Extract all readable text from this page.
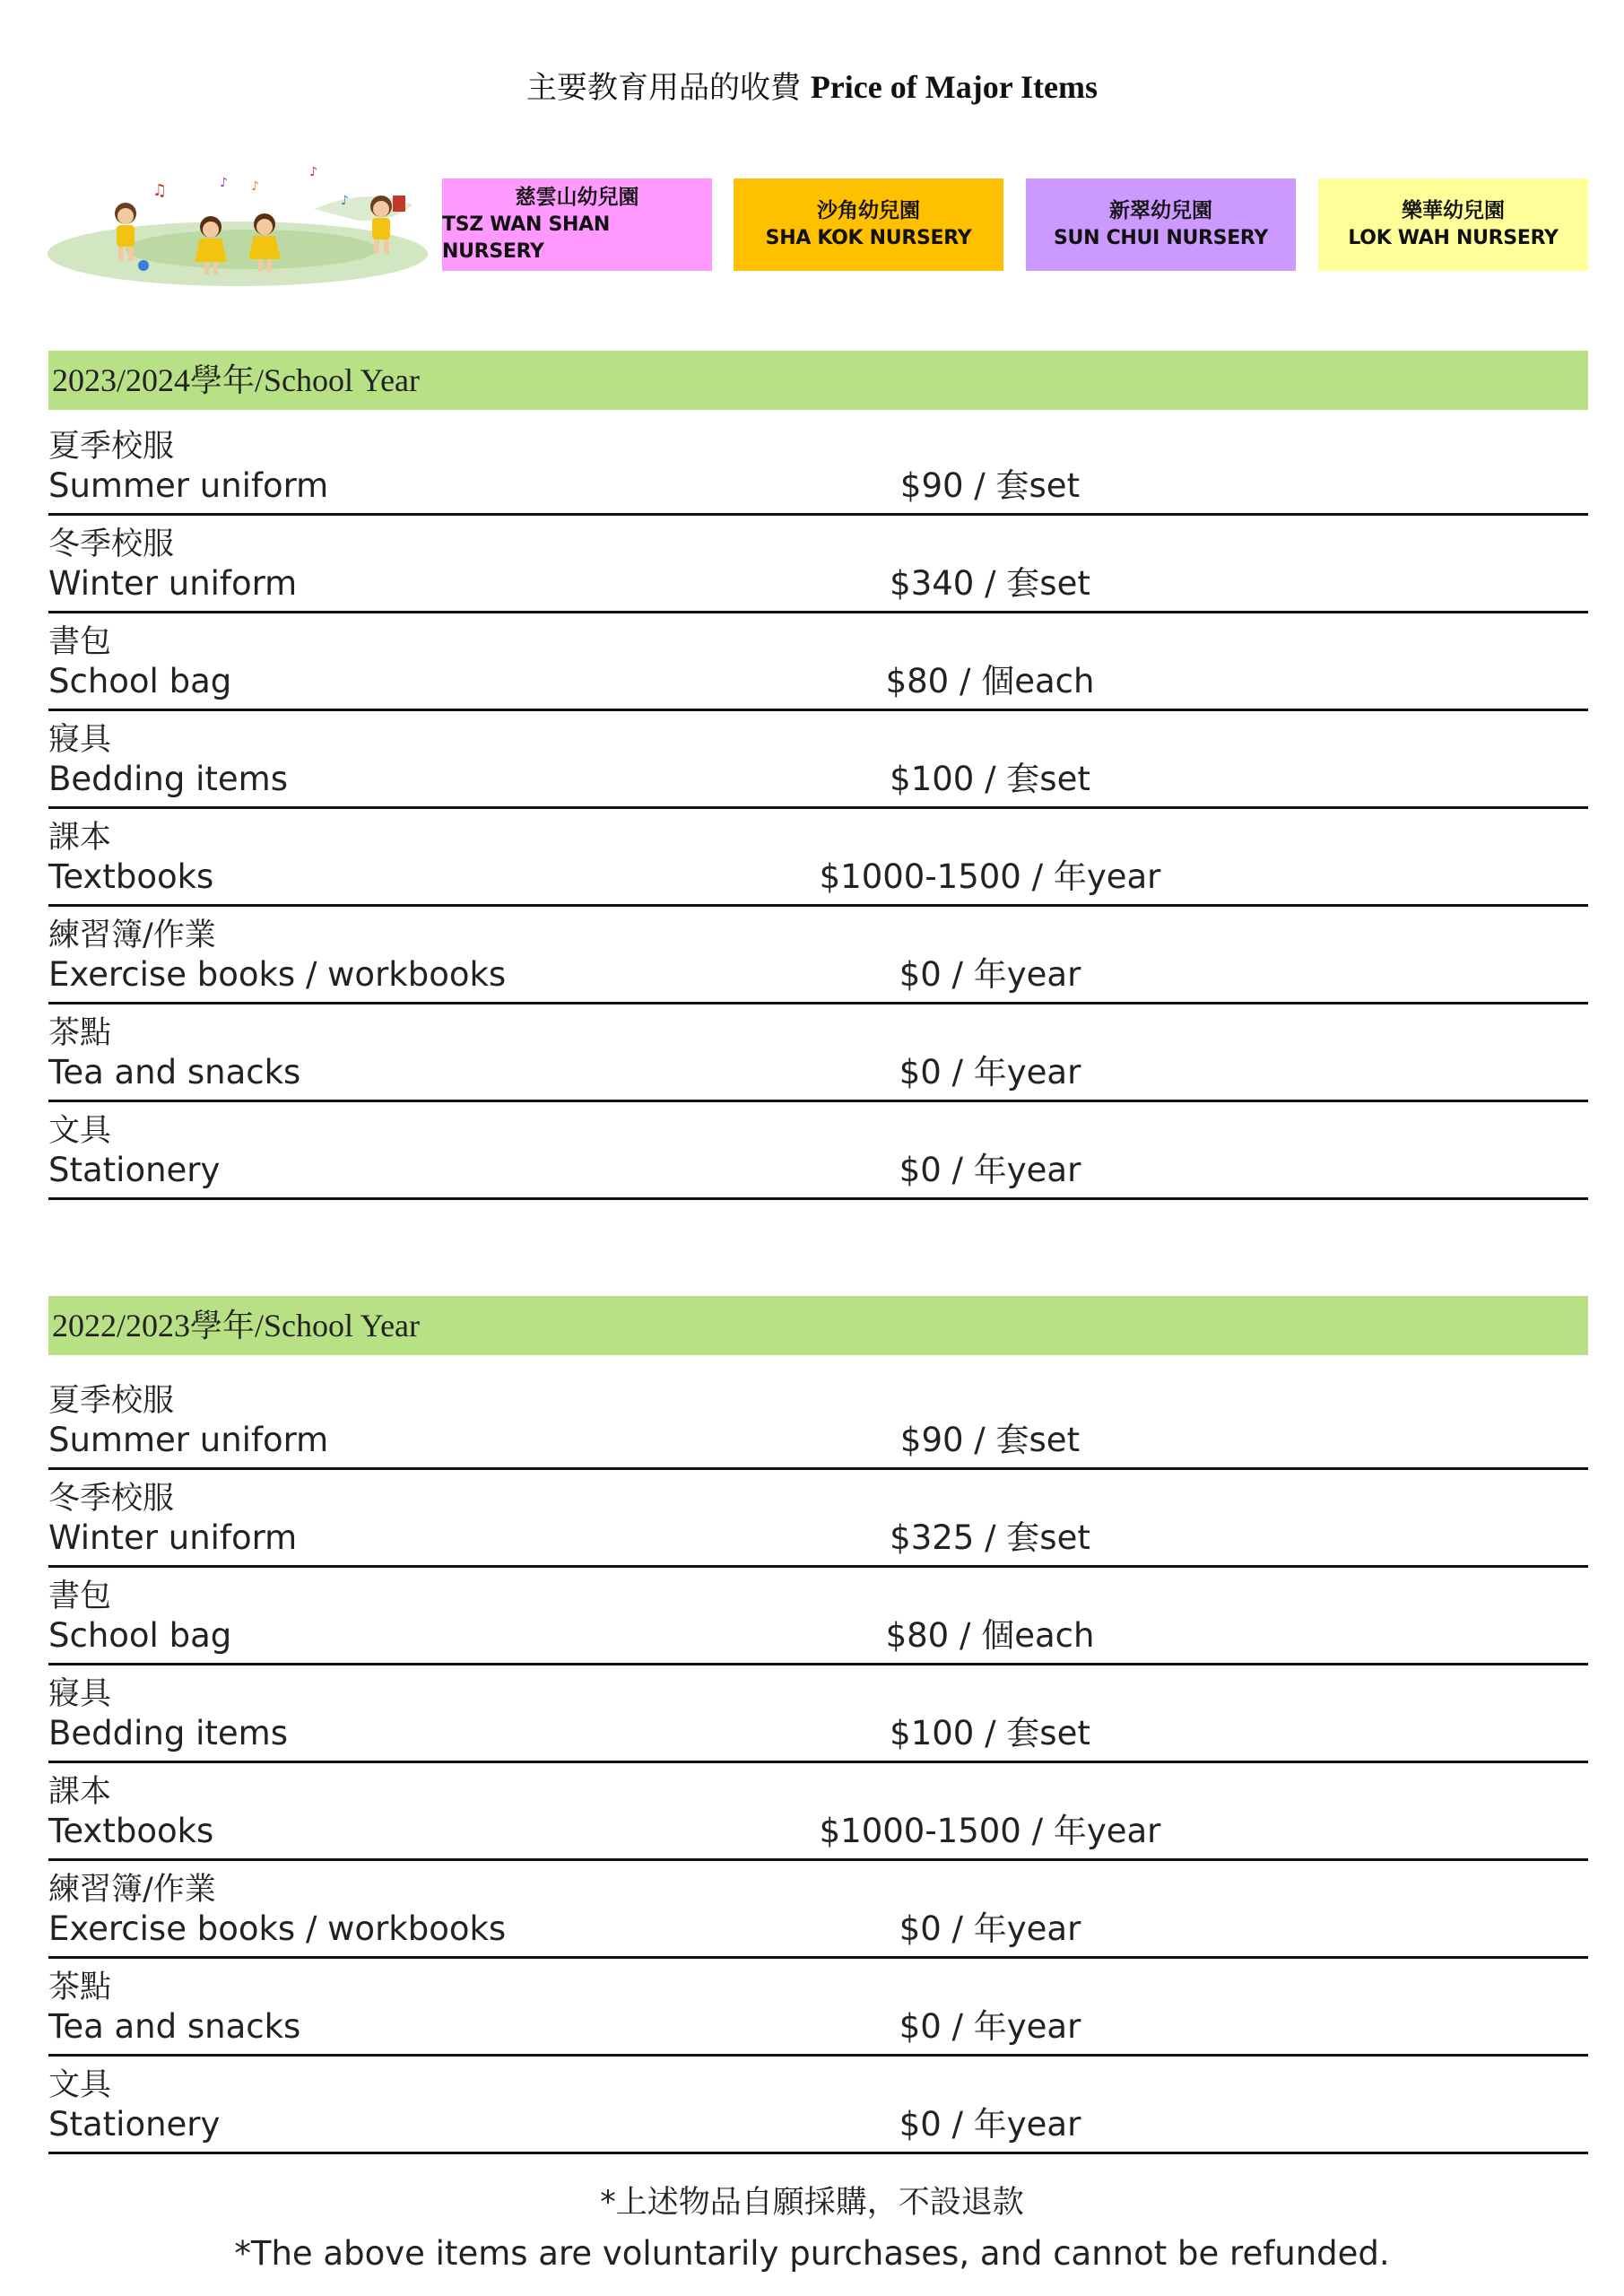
主要教育用品的收費 Price of Major Items
♫	♪ ♪
♪
♪	慈雲山幼兒園
TSZ WAN SHAN NURSERY
沙角幼兒園
SHA KOK NURSERY
新翠幼兒園
SUN CHUI NURSERY
樂華幼兒園
LOK WAH NURSERY
2023/2024學年/School Year
夏季校服
Summer uniform	$90 / 套set
冬季校服
Winter uniform	$340 / 套set
書包
School bag	$80 / 個each
寢具
Bedding items	$100 / 套set
課本
Textbooks	$1000-1500 / 年year
練習簿/作業
Exercise books / workbooks	$0 / 年year
茶點
Tea and snacks	$0 / 年year
文具
Stationery	$0 / 年year
2022/2023學年/School Year
夏季校服
Summer uniform	$90 / 套set
冬季校服
Winter uniform	$325 / 套set
書包
School bag	$80 / 個each
寢具
Bedding items	$100 / 套set
課本
Textbooks	$1000-1500 / 年year
練習簿/作業
Exercise books / workbooks	$0 / 年year
茶點
Tea and snacks	$0 / 年year
文具
Stationery	$0 / 年year
*上述物品自願採購，不設退款
*The above items are voluntarily purchases, and cannot be refunded.
